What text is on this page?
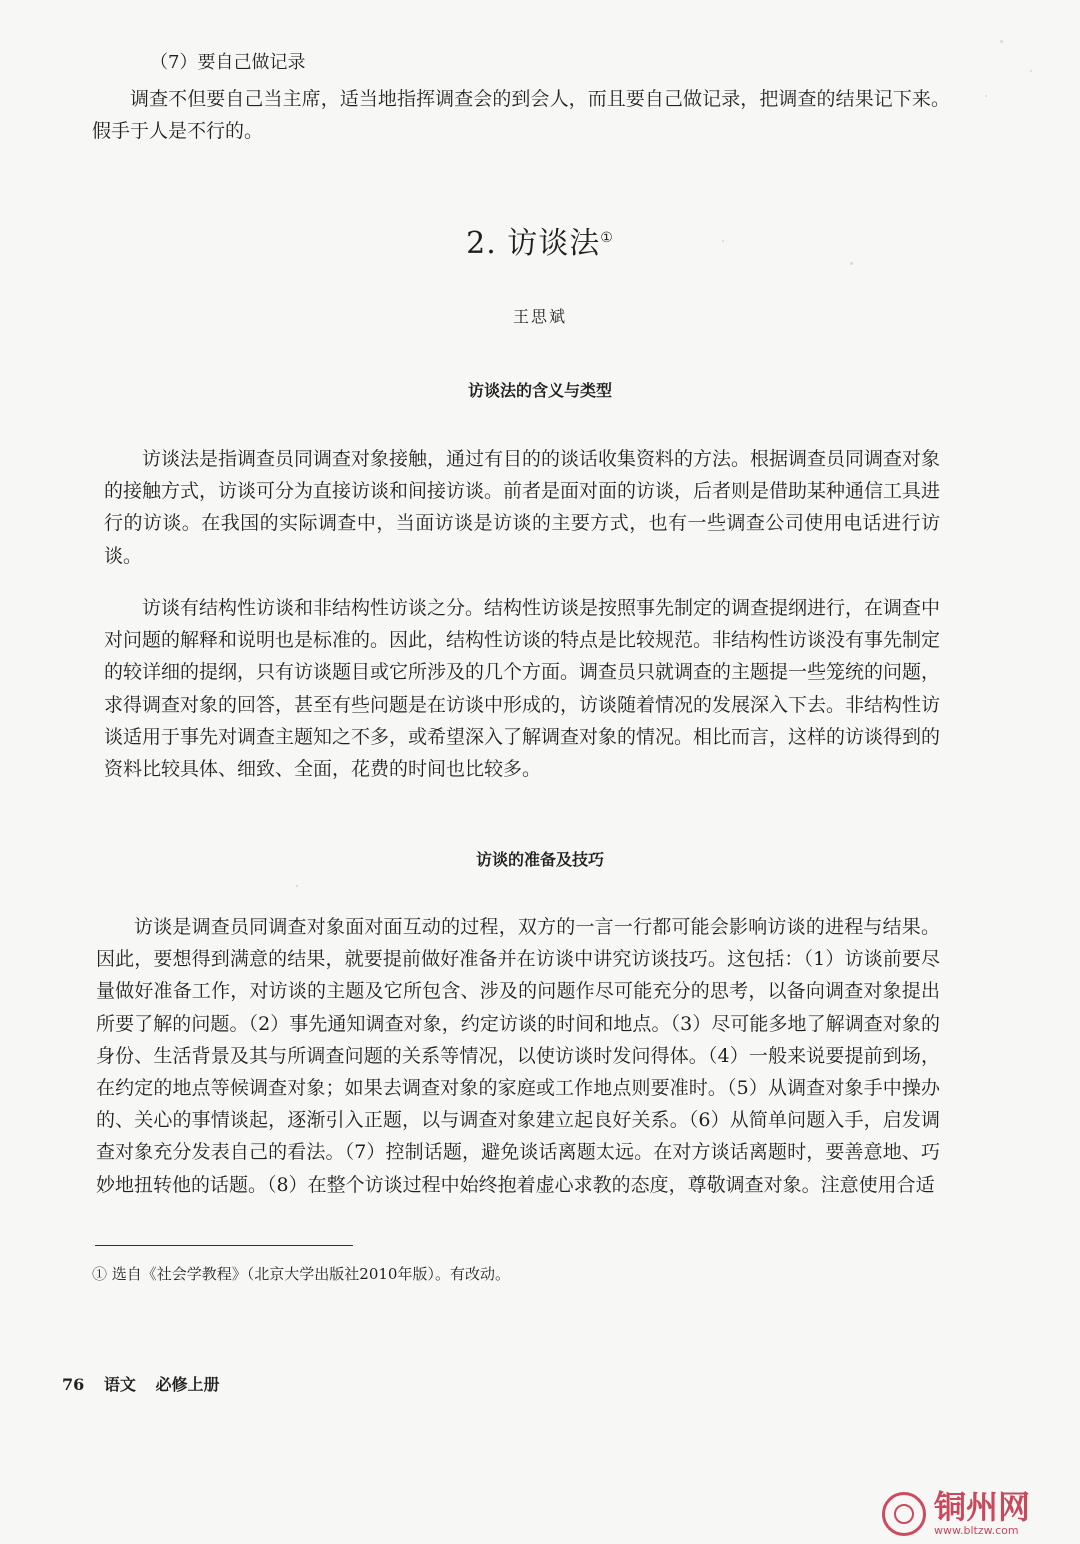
（7）要自己做记录

调查不但要自己当主席，适当地指挥调查会的到会人，而且要自己做记录，把调查的结果记下来。假手于人是不行的。

2. 访谈法①
王思斌
访谈法的含义与类型

访谈法是指调查员同调查对象接触，通过有目的的谈话收集资料的方法。根据调查员同调查对象的接触方式，访谈可分为直接访谈和间接访谈。前者是面对面的访谈，后者则是借助某种通信工具进行的访谈。在我国的实际调查中，当面访谈是访谈的主要方式，也有一些调查公司使用电话进行访谈。

访谈有结构性访谈和非结构性访谈之分。结构性访谈是按照事先制定的调查提纲进行，在调查中对问题的解释和说明也是标准的。因此，结构性访谈的特点是比较规范。非结构性访谈没有事先制定的较详细的提纲，只有访谈题目或它所涉及的几个方面。调查员只就调查的主题提一些笼统的问题，求得调查对象的回答，甚至有些问题是在访谈中形成的，访谈随着情况的发展深入下去。非结构性访谈适用于事先对调查主题知之不多，或希望深入了解调查对象的情况。相比而言，这样的访谈得到的资料比较具体、细致、全面，花费的时间也比较多。

访谈的准备及技巧

访谈是调查员同调查对象面对面互动的过程，双方的一言一行都可能会影响访谈的进程与结果。因此，要想得到满意的结果，就要提前做好准备并在访谈中讲究访谈技巧。这包括：（1）访谈前要尽量做好准备工作，对访谈的主题及它所包含、涉及的问题作尽可能充分的思考，以备向调查对象提出所要了解的问题。（2）事先通知调查对象，约定访谈的时间和地点。（3）尽可能多地了解调查对象的身份、生活背景及其与所调查问题的关系等情况，以使访谈时发问得体。（4）一般来说要提前到场，在约定的地点等候调查对象；如果去调查对象的家庭或工作地点则要准时。（5）从调查对象手中操办的、关心的事情谈起，逐渐引入正题，以与调查对象建立起良好关系。（6）从简单问题入手，启发调查对象充分发表自己的看法。（7）控制话题，避免谈话离题太远。在对方谈话离题时，要善意地、巧妙地扭转他的话题。（8）在整个访谈过程中始终抱着虚心求教的态度，尊敬调查对象。注意使用合适

① 选自《社会学教程》（北京大学出版社2010年版）。有改动。
76 语文 必修上册
铜州网
www.bltzw.com
